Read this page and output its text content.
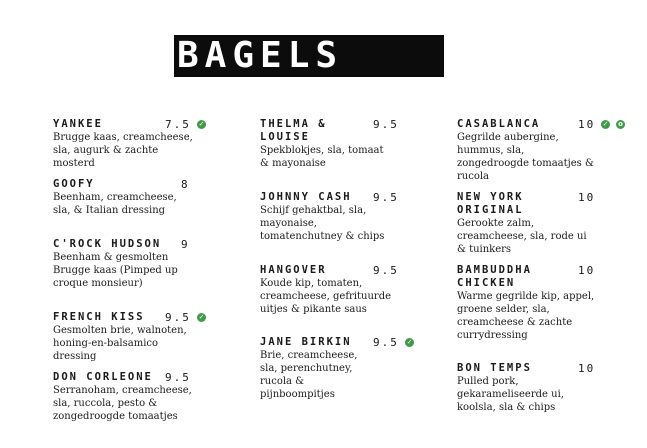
BAGELS
YANKEE	7.5 ✓
Brugge kaas, creamcheese, sla, augurk & zachte mosterd
GOOFY	8
Beenham, creamcheese, sla, & Italian dressing
C'ROCK HUDSON 9
Beenham & gesmolten Brugge kaas (Pimped up croque monsieur)
FRENCH KISS 9.5 ✓
Gesmolten brie, walnoten, honing-en-balsamico dressing
DON CORLEONE 9.5
Serranoham, creamcheese, sla, ruccola, pesto & zongedroogde tomaatjes
THELMA & LOUISE
9.5
Spekblokjes, sla, tomaat & mayonaise
JOHNNY CASH 9.5
Schijf gehaktbal, sla, mayonaise, tomatenchutney & chips
HANGOVER	9.5
Koude kip, tomaten, creamcheese, gefrituurde uitjes & pikante saus
JANE BIRKIN 9.5 ✓
Brie, creamcheese, sla, perenchutney, rucola & pijnboompitjes
CASABLANCA	10 ✓ o
Gegrilde aubergine, hummus, sla, zongedroogde tomaatjes & rucola
NEW YORK ORIGINAL
10
Gerookte zalm, creamcheese, sla, rode ui & tuinkers
BAMBUDDHA CHICKEN
10
Warme gegrilde kip, appel, groene selder, sla, creamcheese & zachte currydressing
BON TEMPS	10
Pulled pork, gekarameliseerde ui, koolsla, sla & chips
